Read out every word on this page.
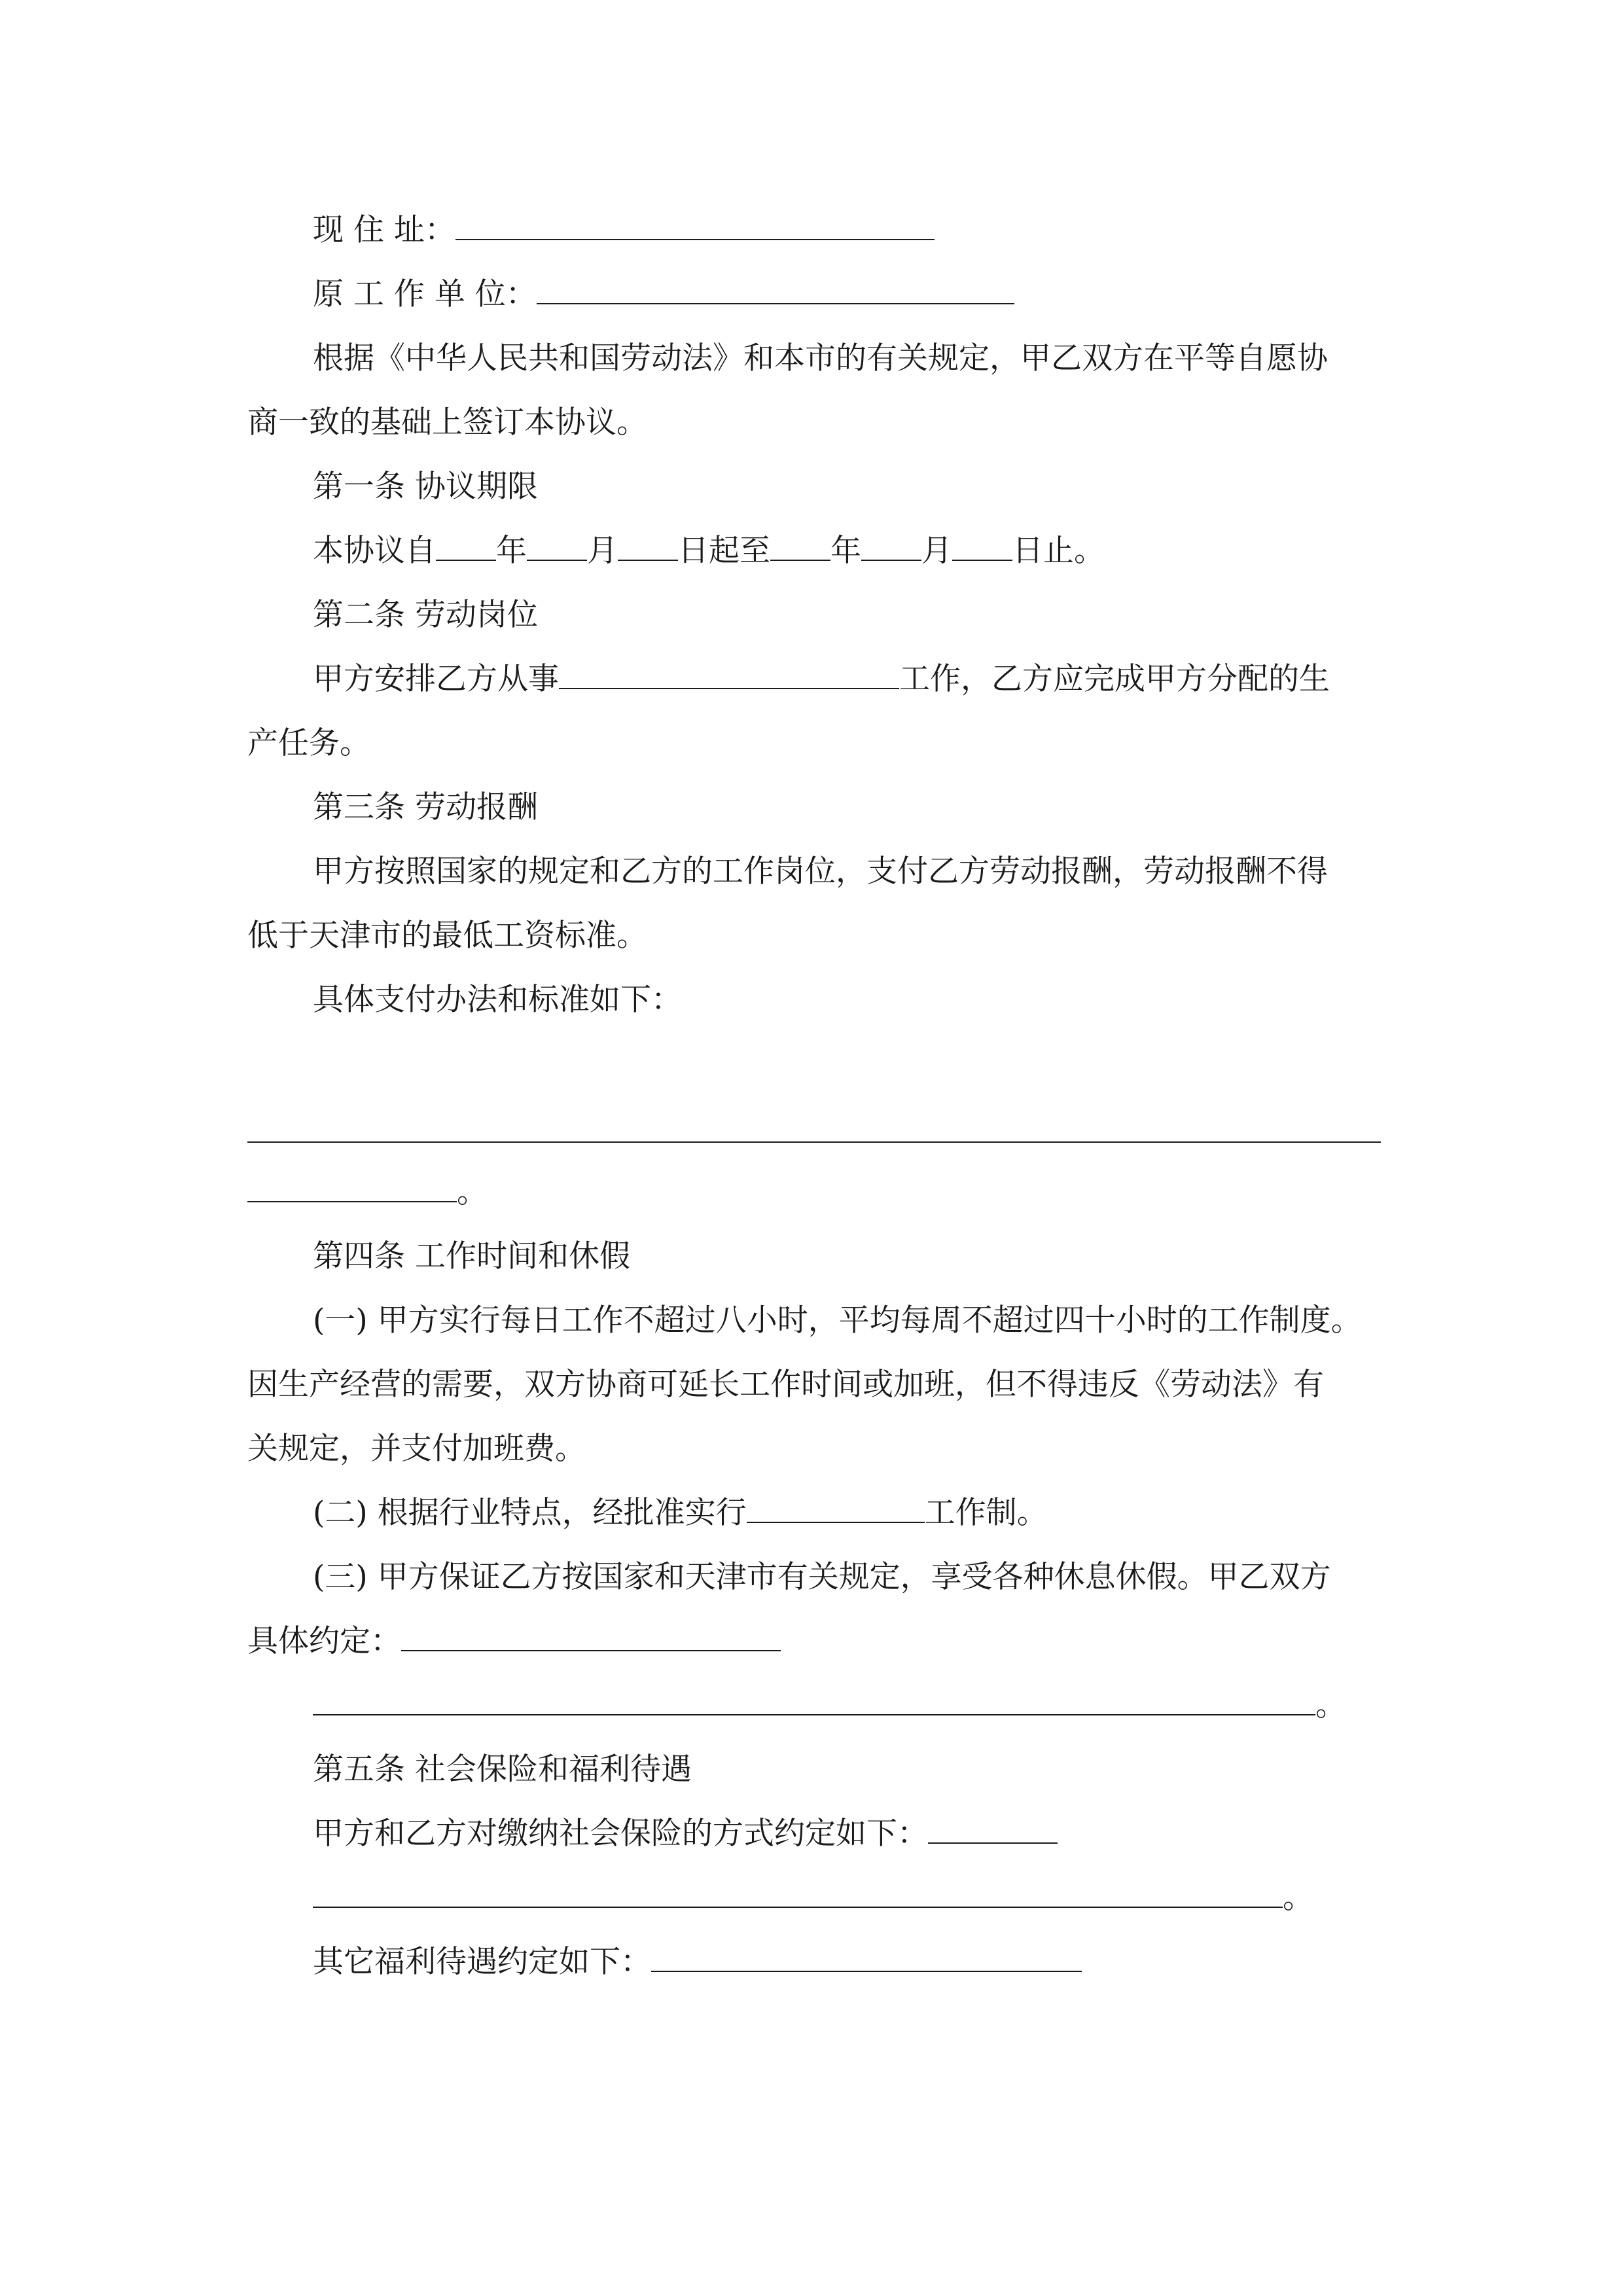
现 住 址：
原 工 作 单 位：
根据《中华人民共和国劳动法》和本市的有关规定，甲乙双方在平等自愿协
商一致的基础上签订本协议。
第一条 协议期限
本协议自 年 月 日起至 年 月 日止。
第二条 劳动岗位
甲方安排乙方从事	工作，乙方应完成甲方分配的生
产任务。
第三条 劳动报酬
甲方按照国家的规定和乙方的工作岗位，支付乙方劳动报酬，劳动报酬不得
低于天津市的最低工资标准。
具体支付办法和标准如下：
。
第四条 工作时间和休假
(一) 甲方实行每日工作不超过八小时，平均每周不超过四十小时的工作制度。
因生产经营的需要，双方协商可延长工作时间或加班，但不得违反《劳动法》有
关规定，并支付加班费。
(二) 根据行业特点，经批准实行	工作制。
(三) 甲方保证乙方按国家和天津市有关规定，享受各种休息休假。甲乙双方
具体约定：
。
第五条 社会保险和福利待遇
甲方和乙方对缴纳社会保险的方式约定如下：
。
其它福利待遇约定如下：
